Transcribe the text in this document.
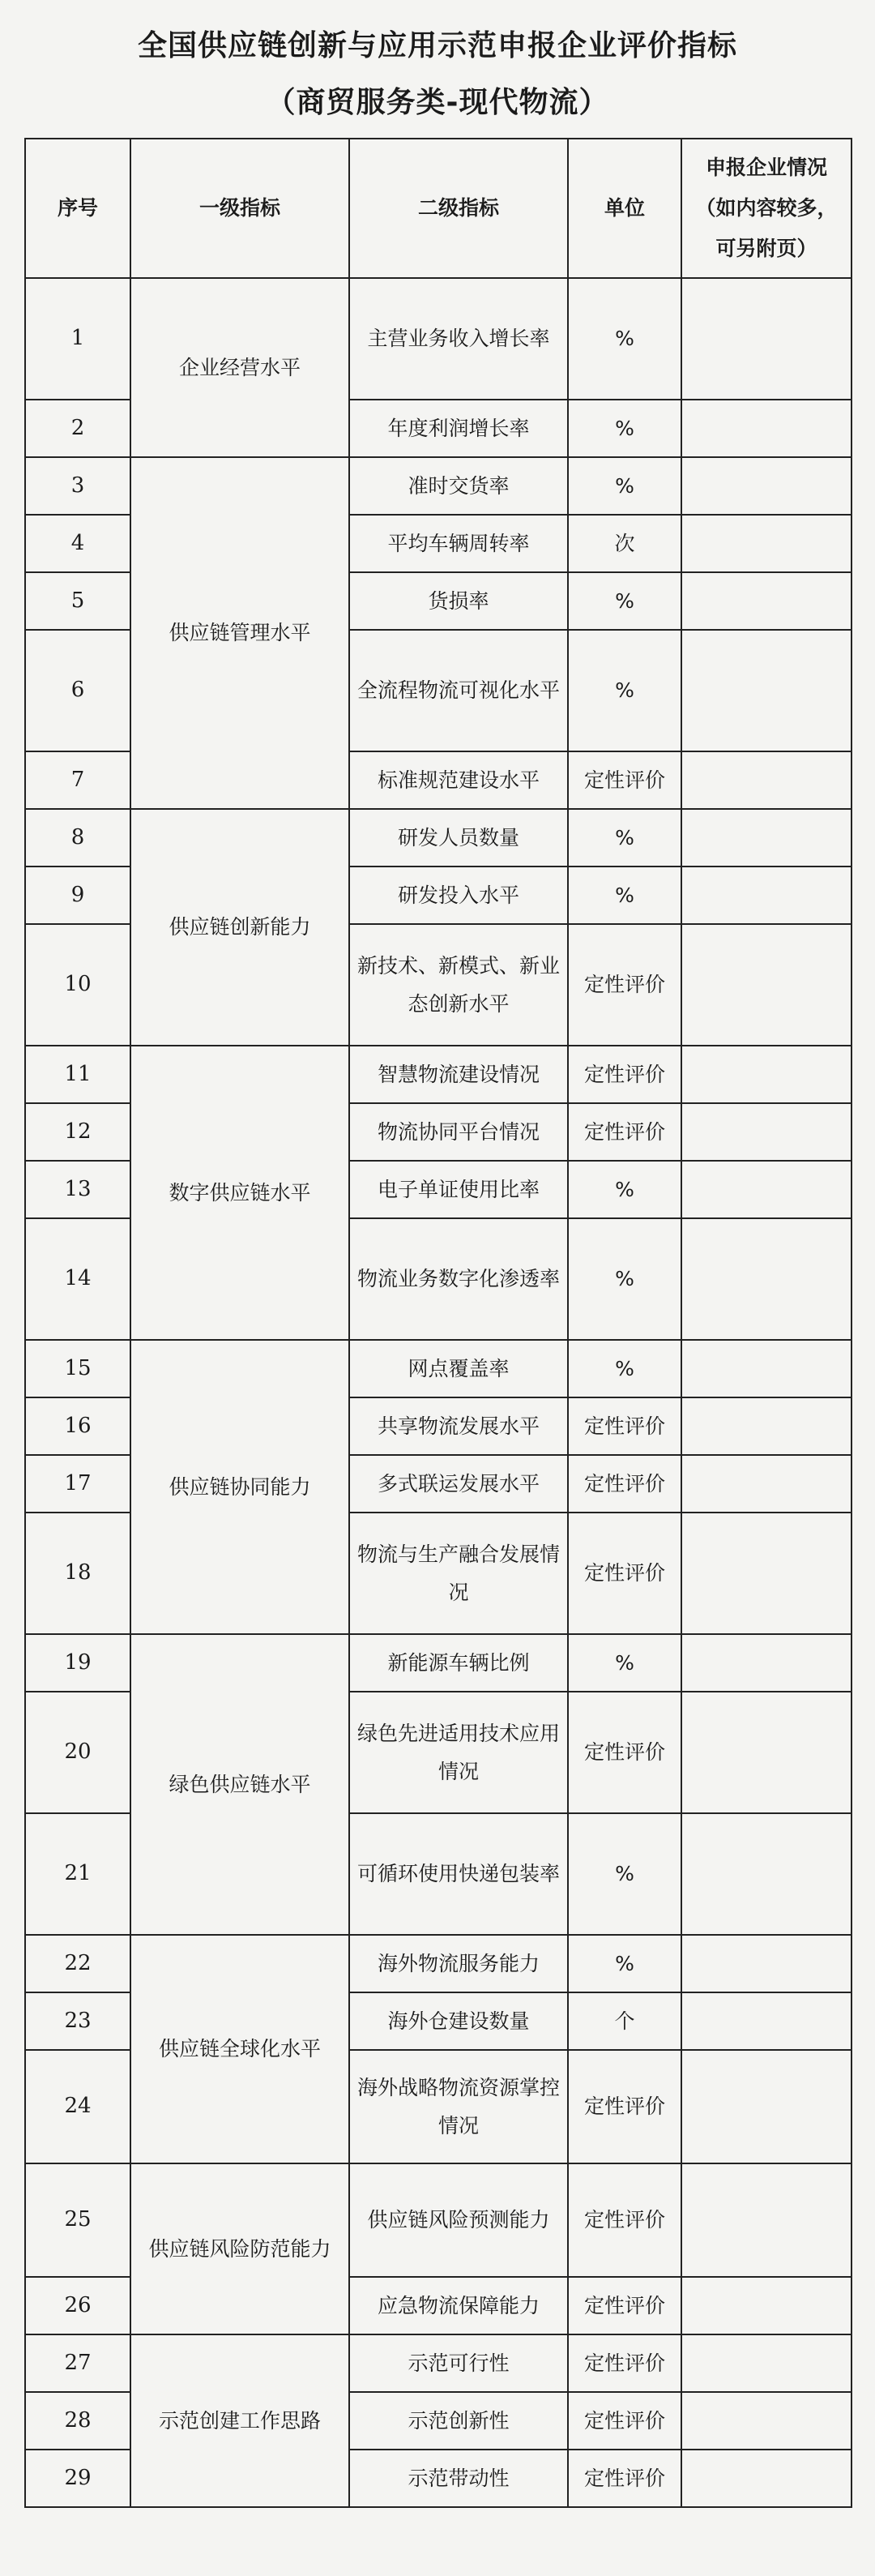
全国供应链创新与应用示范申报企业评价指标
（商贸服务类-现代物流）
序号	一级指标	二级指标	单位	申报企业情况（如内容较多，可另附页）
1	企业经营水平	主营业务收入增长率	%	
2		年度利润增长率	%	
3	供应链管理水平	准时交货率	%	
4		平均车辆周转率	次	
5		货损率	%	
6		全流程物流可视化水平	%	
7		标准规范建设水平	定性评价	
8	供应链创新能力	研发人员数量	%	
9		研发投入水平	%	
10		新技术、新模式、新业态创新水平	定性评价	
11	数字供应链水平	智慧物流建设情况	定性评价	
12		物流协同平台情况	定性评价	
13		电子单证使用比率	%	
14		物流业务数字化渗透率	%	
15	供应链协同能力	网点覆盖率	%	
16		共享物流发展水平	定性评价	
17		多式联运发展水平	定性评价	
18		物流与生产融合发展情况	定性评价	
19	绿色供应链水平	新能源车辆比例	%	
20		绿色先进适用技术应用情况	定性评价	
21		可循环使用快递包装率	%	
22	供应链全球化水平	海外物流服务能力	%	
23		海外仓建设数量	个	
24		海外战略物流资源掌控情况	定性评价	
25	供应链风险防范能力	供应链风险预测能力	定性评价	
26		应急物流保障能力	定性评价	
27	示范创建工作思路	示范可行性	定性评价	
28		示范创新性	定性评价	
29		示范带动性	定性评价	
